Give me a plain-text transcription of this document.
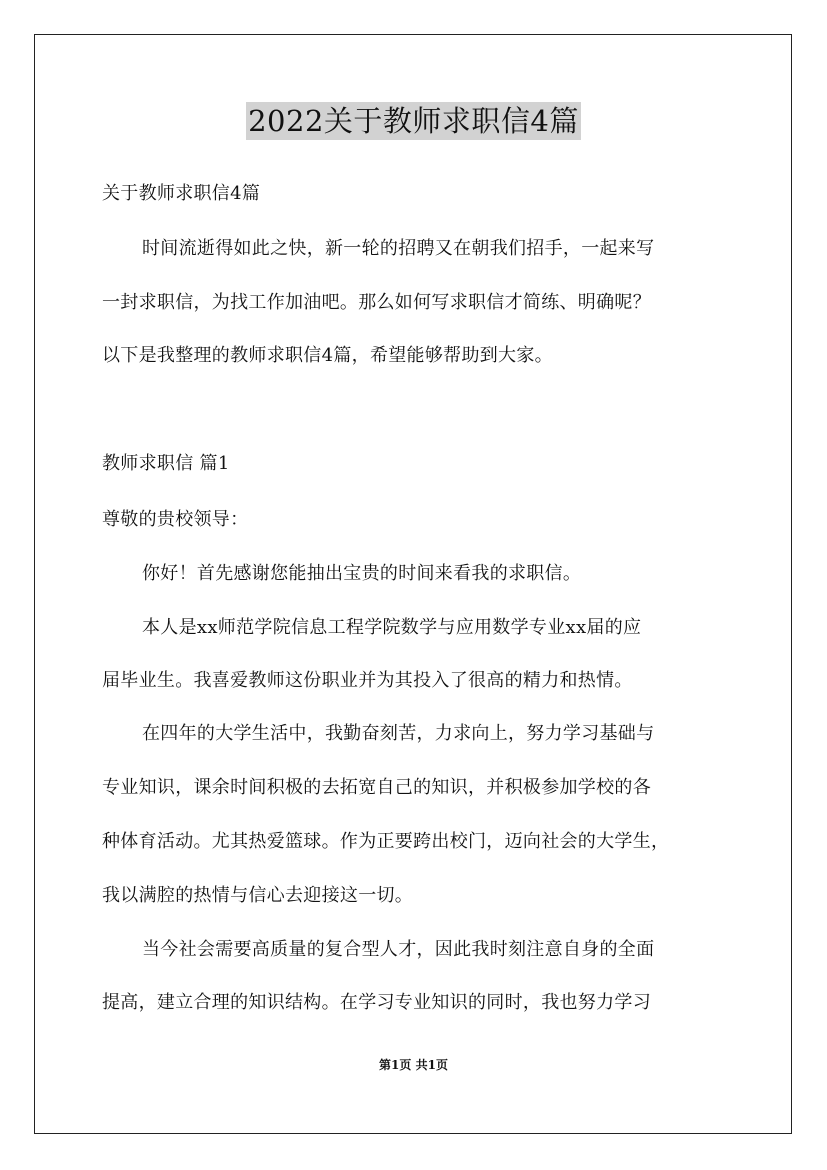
2022关于教师求职信4篇
关于教师求职信4篇
时间流逝得如此之快，新一轮的招聘又在朝我们招手，一起来写
一封求职信，为找工作加油吧。那么如何写求职信才简练、明确呢？
以下是我整理的教师求职信4篇，希望能够帮助到大家。
教师求职信 篇1
尊敬的贵校领导：
你好！首先感谢您能抽出宝贵的时间来看我的求职信。
本人是xx师范学院信息工程学院数学与应用数学专业xx届的应
届毕业生。我喜爱教师这份职业并为其投入了很高的精力和热情。
在四年的大学生活中，我勤奋刻苦，力求向上，努力学习基础与
专业知识，课余时间积极的去拓宽自己的知识，并积极参加学校的各
种体育活动。尤其热爱篮球。作为正要跨出校门，迈向社会的大学生，
我以满腔的热情与信心去迎接这一切。
当今社会需要高质量的复合型人才，因此我时刻注意自身的全面
提高，建立合理的知识结构。在学习专业知识的同时，我也努力学习
第1页 共1页
